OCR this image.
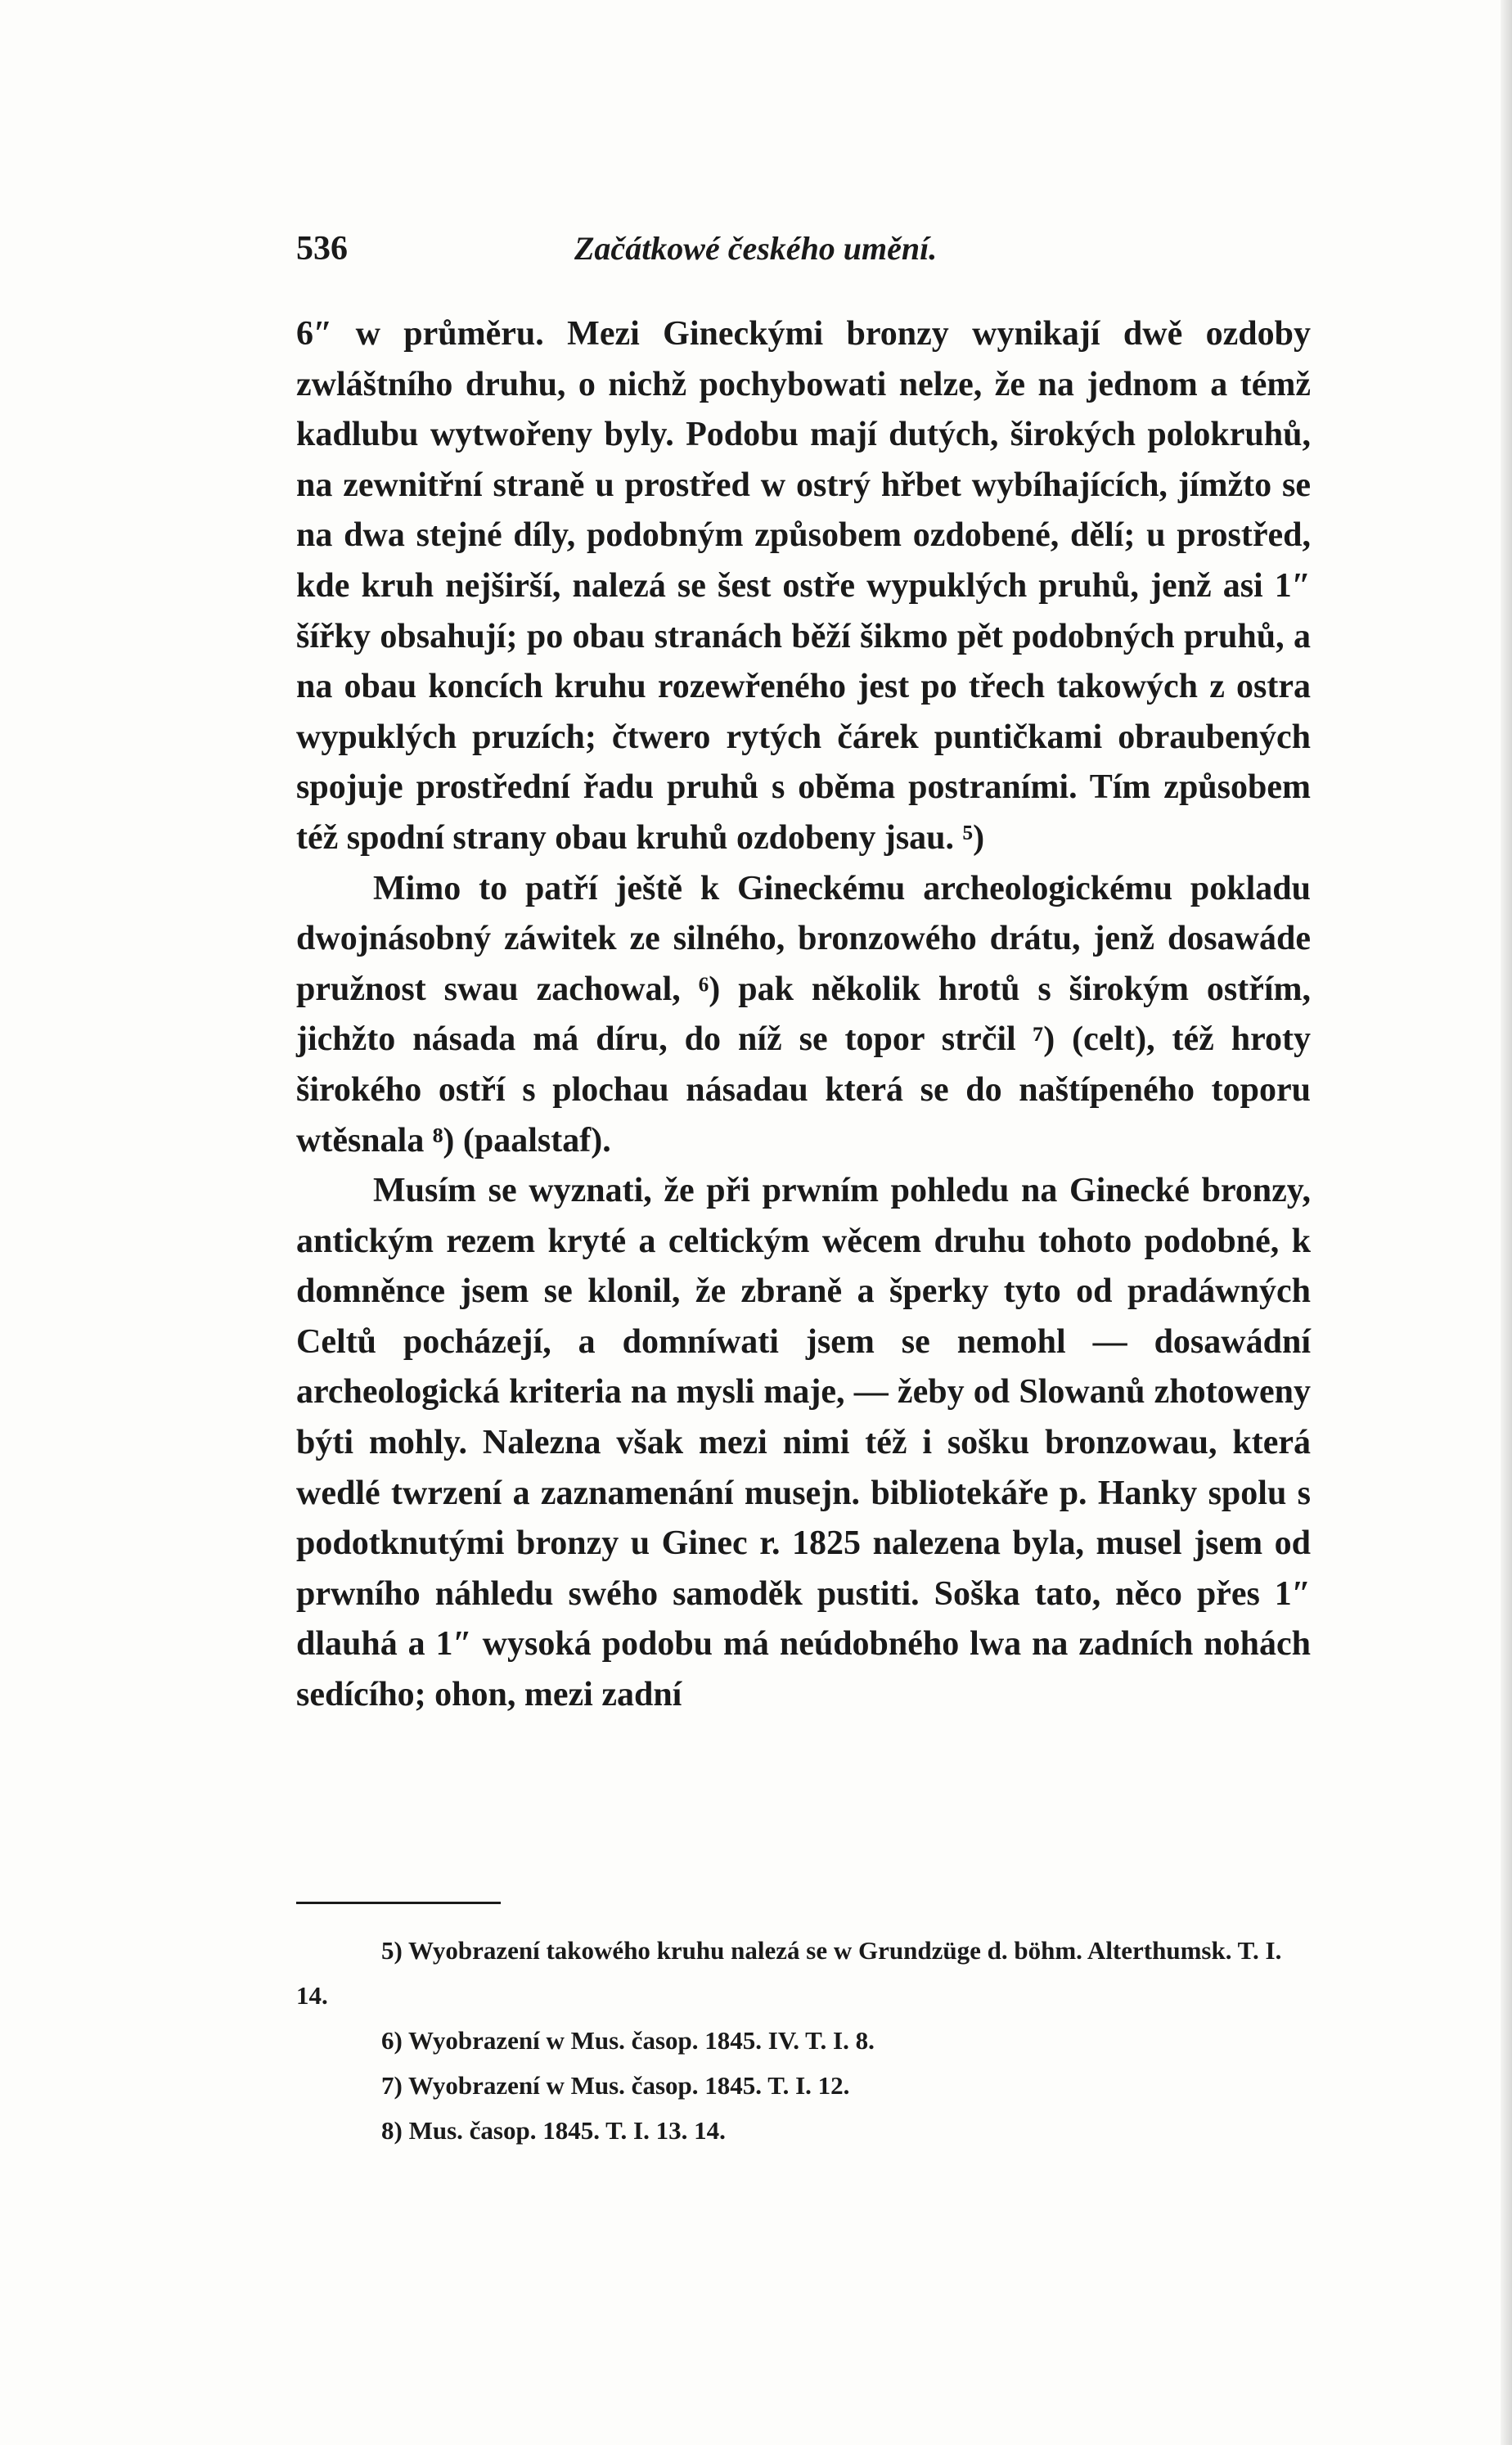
536	Začátkowé českého umění.

6″ w průměru. Mezi Gineckými bronzy wynikají dwě ozdoby zwláštního druhu, o nichž pochybowati nelze, že na jednom a témž kadlubu wytwořeny byly. Podobu mají dutých, širokých polokruhů, na zewnitřní straně u prostřed w ostrý hřbet wybíhajících, jímžto se na dwa stejné díly, podobným způsobem ozdobené, dělí; u prostřed, kde kruh nejširší, nalezá se šest ostře wypuklých pruhů, jenž asi 1″ šířky obsahují; po obau stranách běží šikmo pět podobných pruhů, a na obau koncích kruhu rozewřeného jest po třech takowých z ostra wypuklých pruzích; čtwero rytých čárek puntičkami obraubených spojuje prostřední řadu pruhů s oběma postraními. Tím způsobem též spodní strany obau kruhů ozdobeny jsau. ⁵)

Mimo to patří ještě k Gineckému archeologickému pokladu dwojnásobný záwitek ze silného, bronzowého drátu, jenž dosawáde pružnost swau zachowal, ⁶) pak několik hrotů s širokým ostřím, jichžto násada má díru, do níž se topor strčil ⁷) (celt), též hroty širokého ostří s plochau násadau která se do naštípeného toporu wtěsnala ⁸) (paalstaf).

Musím se wyznati, že při prwním pohledu na Ginecké bronzy, antickým rezem kryté a celtickým wěcem druhu tohoto podobné, k domněnce jsem se klonil, že zbraně a šperky tyto od pradáwných Celtů pocházejí, a domníwati jsem se nemohl — dosawádní archeologická kriteria na mysli maje, — žeby od Slowanů zhotoweny býti mohly. Nalezna však mezi nimi též i sošku bronzowau, která wedlé twrzení a zaznamenání musejn. bibliotekáře p. Hanky spolu s podotknutými bronzy u Ginec r. 1825 nalezena byla, musel jsem od prwního náhledu swého samoděk pustiti. Soška tato, něco přes 1″ dlauhá a 1″ wysoká podobu má neúdobného lwa na zadních nohách sedícího; ohon, mezi zadní

5) Wyobrazení takowého kruhu nalezá se w Grundzüge d. böhm. Alterthumsk. T. I. 14.

6) Wyobrazení w Mus. časop. 1845. IV. T. I. 8.

7) Wyobrazení w Mus. časop. 1845. T. I. 12.

8) Mus. časop. 1845. T. I. 13. 14.
